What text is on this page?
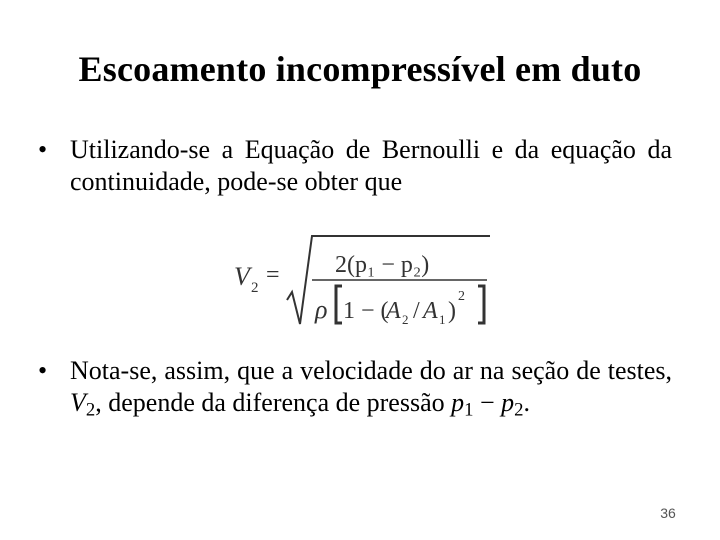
Escoamento incompressível em duto
• Utilizando-se a Equação de Bernoulli e da equação da continuidade, pode-se obter que
V 2 = 2(p₁ − p₂)
ρ 1 − (
A 2 / A 1 )
2
• Nota-se, assim, que a velocidade do ar na seção de testes, $V_2$, depende da diferença de pressão $p_1 - p_2$.
36
